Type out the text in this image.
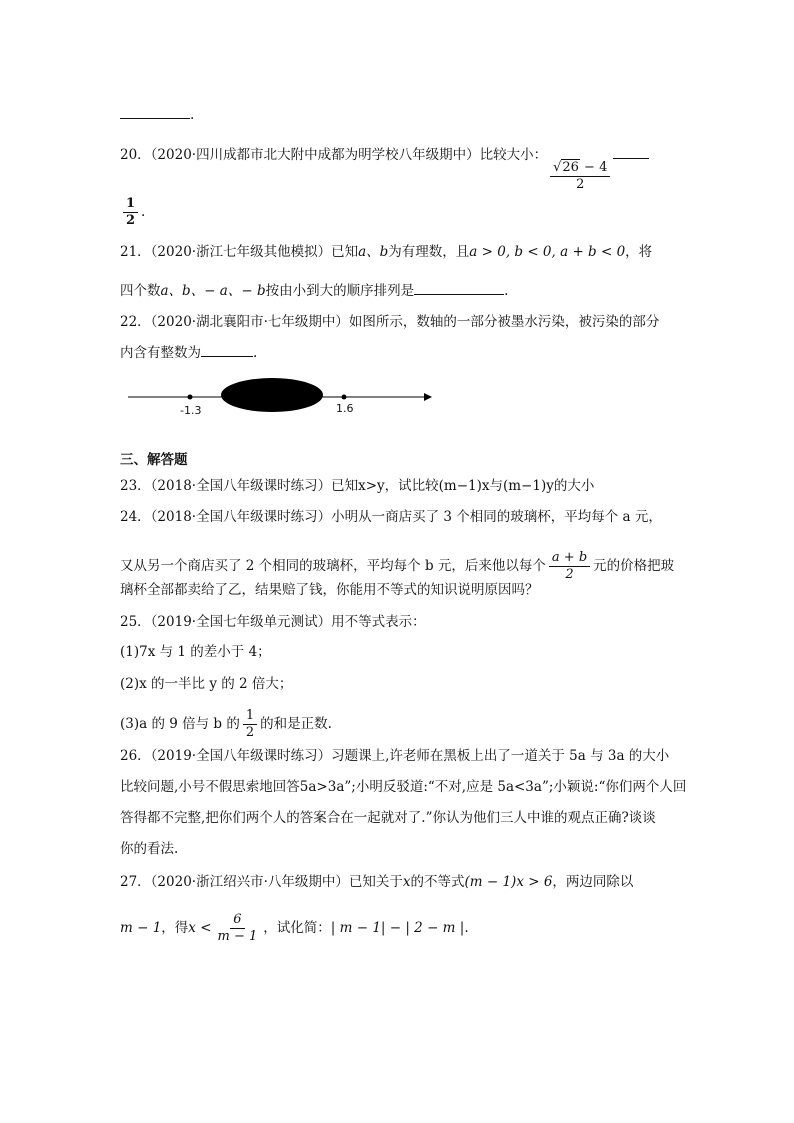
.
20．（2020·四川成都市北大附中成都为明学校八年级期中）比较大小：
$\frac{√26 - 4}{2}$
$\frac{1}{2}$ .
21．（2020·浙江七年级其他模拟）已知a、b为有理数，且a > 0, b < 0, a + b < 0，将
四个数a、b、− a、− b按由小到大的顺序排列是	.
22．（2020·湖北襄阳市·七年级期中）如图所示，数轴的一部分被墨水污染，被污染的部分
内含有整数为	.
-1.3	1.6
三、解答题
23．（2018·全国八年级课时练习）已知x>y，试比较(m−1)x与(m−1)y的大小
24．（2018·全国八年级课时练习）小明从一商店买了 3 个相同的玻璃杯，平均每个 a 元，
又从另一个商店买了 2 个相同的玻璃杯，平均每个 b 元，后来他以每个 $\frac{a + b}{2}$ 元的价格把玻
璃杯全部都卖给了乙，结果赔了钱，你能用不等式的知识说明原因吗？
25．（2019·全国七年级单元测试）用不等式表示：
(1)7x 与 1 的差小于 4；
(2)x 的一半比 y 的 2 倍大；
(3)a 的 9 倍与 b 的 $\frac{1}{2}$ 的和是正数.
26．（2019·全国八年级课时练习）习题课上,许老师在黑板上出了一道关于 5a 与 3a 的大小
比较问题,小号不假思索地回答5a>3a”;小明反驳道:“不对,应是 5a<3a”;小颖说:“你们两个人回
答得都不完整,把你们两个人的答案合在一起就对了.”你认为他们三人中谁的观点正确?谈谈
你的看法.
27．（2020·浙江绍兴市·八年级期中）已知关于x的不等式(m − 1)x > 6，两边同除以
m − 1，得$x < \frac{6}{m - 1}$ ，试化简：| m − 1| − | 2 − m |.
